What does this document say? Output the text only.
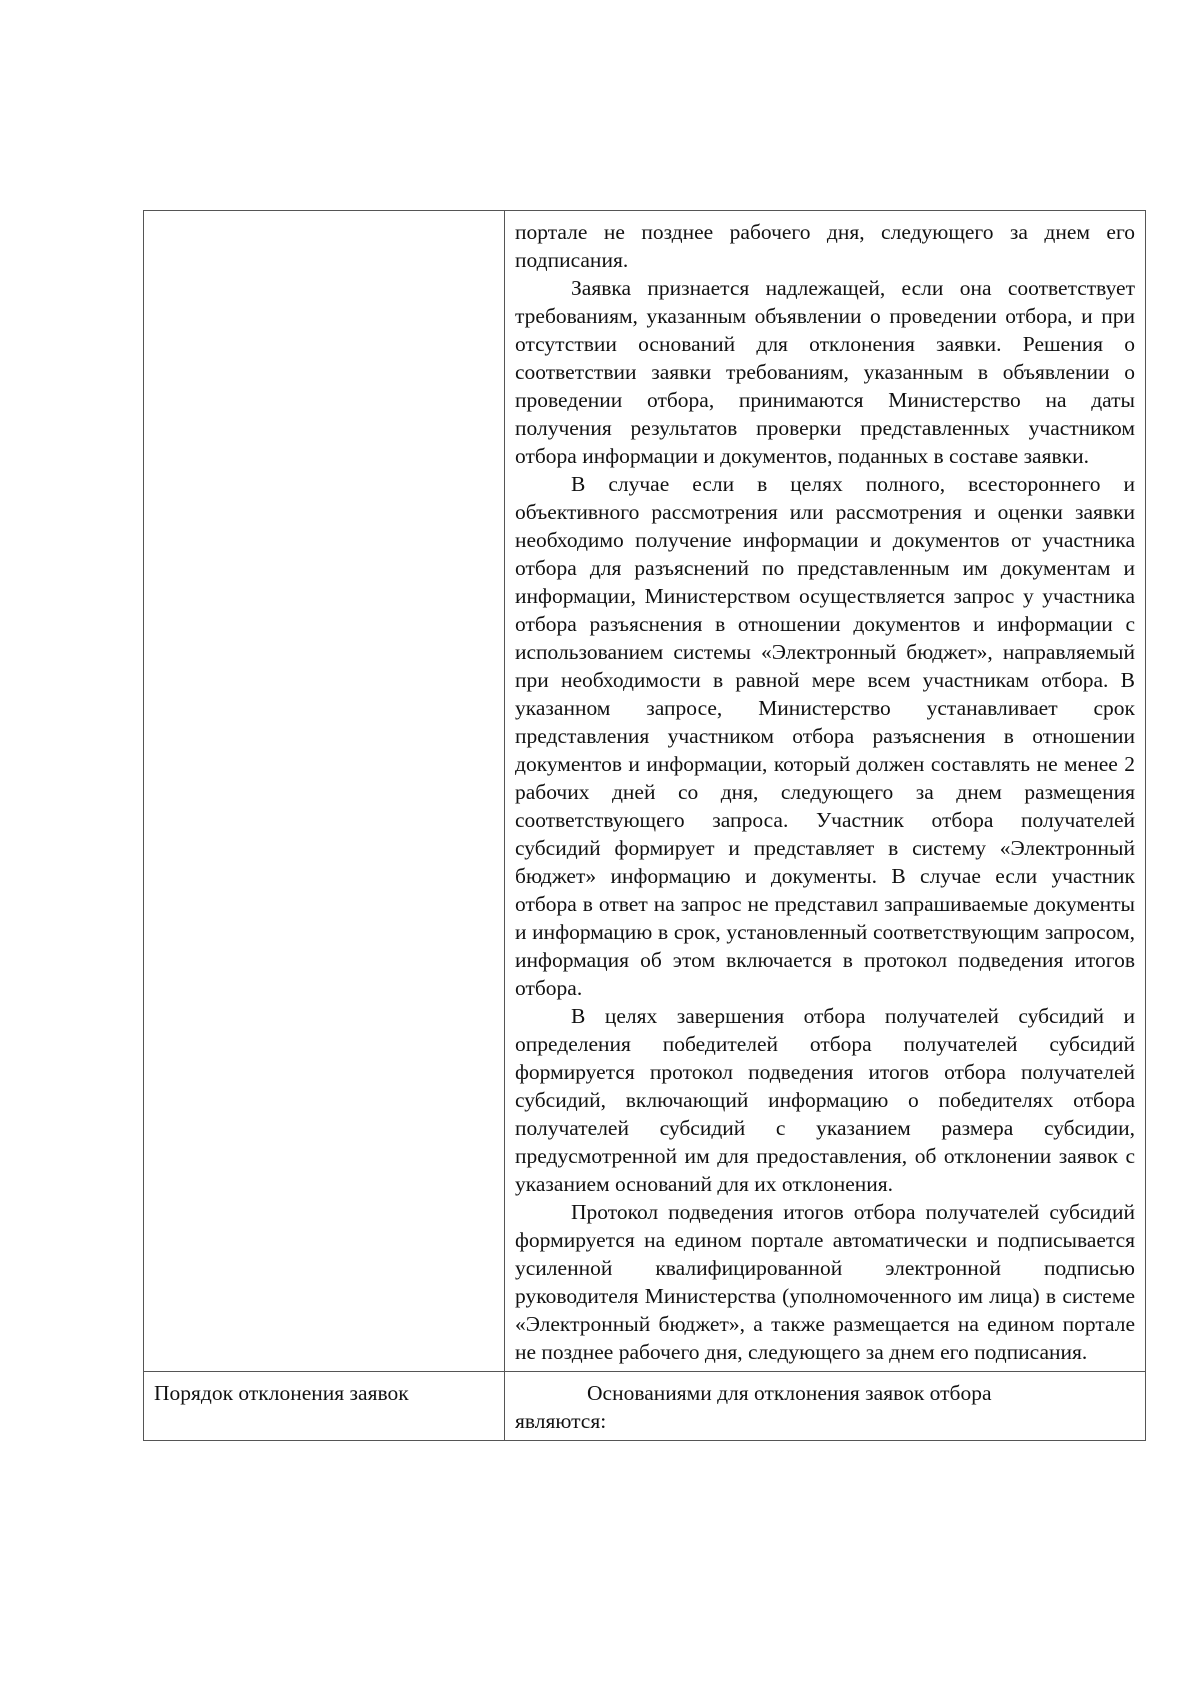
	портале не позднее рабочего дня, следующего за днем его подписания.

Заявка признается надлежащей, если она соответствует требованиям, указанным объявлении о проведении отбора, и при отсутствии оснований для отклонения заявки. Решения о соответствии заявки требованиям, указанным в объявлении о проведении отбора, принимаются Министерство на даты получения результатов проверки представленных участником отбора информации и документов, поданных в составе заявки.

В случае если в целях полного, всестороннего и объективного рассмотрения или рассмотрения и оценки заявки необходимо получение информации и документов от участника отбора для разъяснений по представленным им документам и информации, Министерством осуществляется запрос у участника отбора разъяснения в отношении документов и информации с использованием системы «Электронный бюджет», направляемый при необходимости в равной мере всем участникам отбора. В указанном запросе, Министерство устанавливает срок представления участником отбора разъяснения в отношении документов и информации, который должен составлять не менее 2 рабочих дней со дня, следующего за днем размещения соответствующего запроса. Участник отбора получателей субсидий формирует и представляет в систему «Электронный бюджет» информацию и документы. В случае если участник отбора в ответ на запрос не представил запрашиваемые документы и информацию в срок, установленный соответствующим запросом, информация об этом включается в протокол подведения итогов отбора.

В целях завершения отбора получателей субсидий и определения победителей отбора получателей субсидий формируется протокол подведения итогов отбора получателей субсидий, включающий информацию о победителях отбора получателей субсидий с указанием размера субсидии, предусмотренной им для предоставления, об отклонении заявок с указанием оснований для их отклонения.

Протокол подведения итогов отбора получателей субсидий формируется на едином портале автоматически и подписывается усиленной квалифицированной электронной подписью руководителя Министерства (уполномоченного им лица) в системе «Электронный бюджет», а также размещается на едином портале не позднее рабочего дня, следующего за днем его подписания.

Порядок отклонения заявок	Основаниями для отклонения заявок отбора

являются:
